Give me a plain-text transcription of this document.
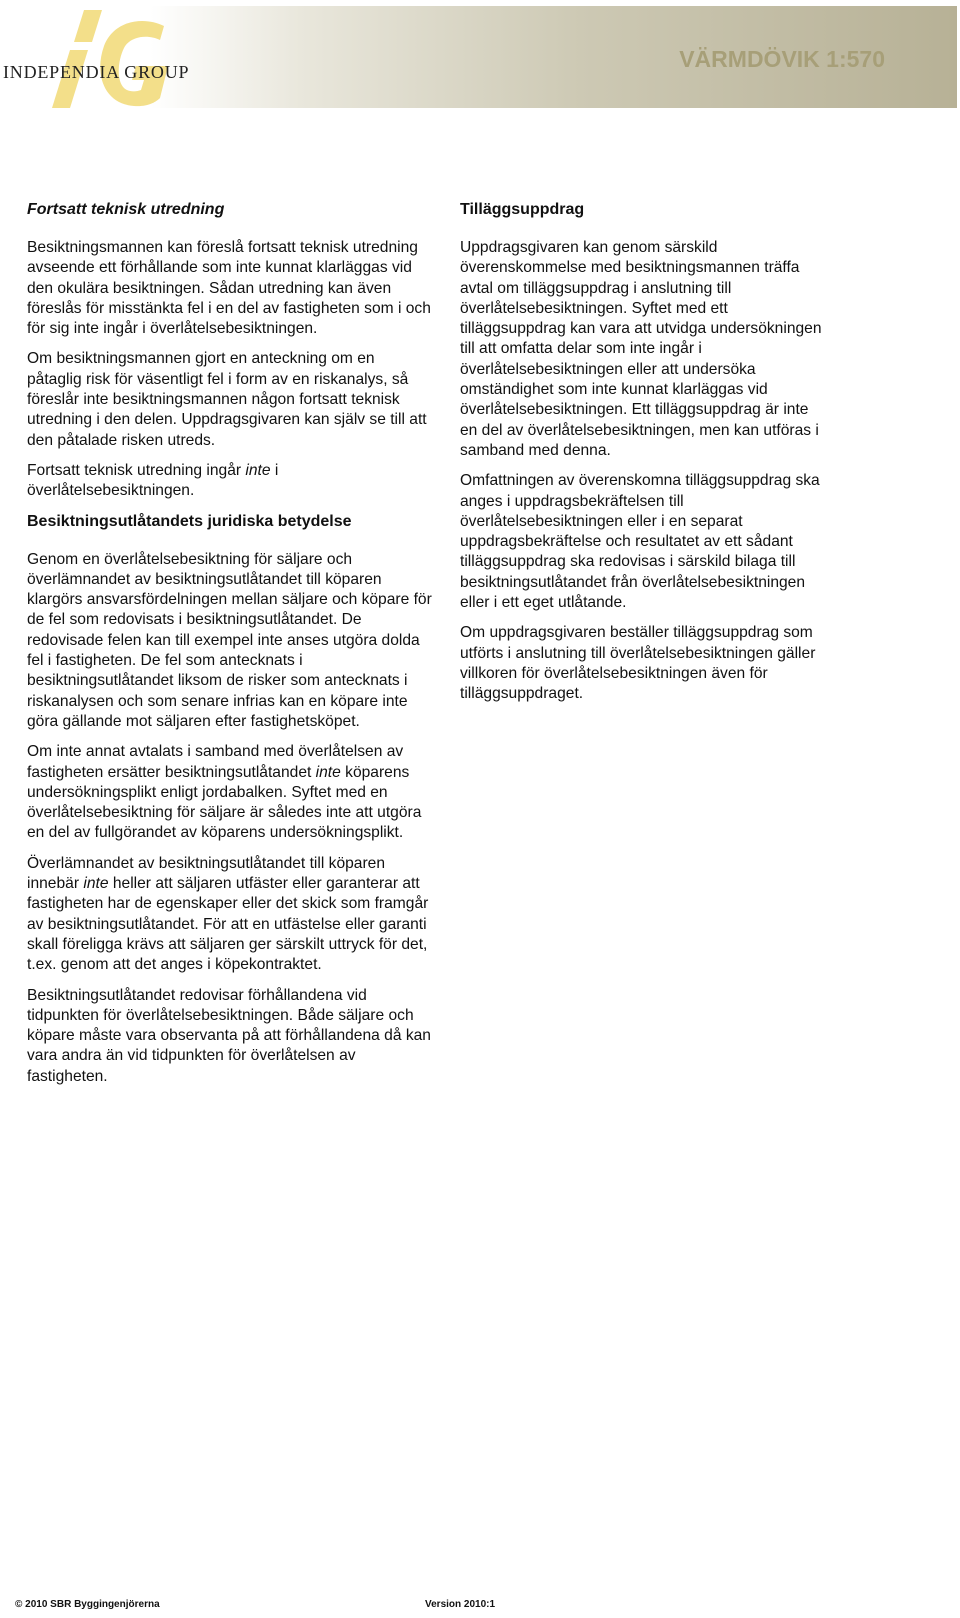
INDEPENDIA GROUP	VÄRMDÖVIK 1:570
Fortsatt teknisk utredning

Besiktningsmannen kan föreslå fortsatt teknisk utredning avseende ett förhållande som inte kunnat klarläggas vid den okulära besiktningen. Sådan utredning kan även föreslås för misstänkta fel i en del av fastigheten som i och för sig inte ingår i överlåtelsebesiktningen.

Om besiktningsmannen gjort en anteckning om en påtaglig risk för väsentligt fel i form av en riskanalys, så föreslår inte besiktningsmannen någon fortsatt teknisk utredning i den delen. Uppdragsgivaren kan själv se till att den påtalade risken utreds.

Fortsatt teknisk utredning ingår inte i överlåtelsebesiktningen.

Besiktningsutlåtandets juridiska betydelse

Genom en överlåtelsebesiktning för säljare och överlämnandet av besiktningsutlåtandet till köparen klargörs ansvarsfördelningen mellan säljare och köpare för de fel som redovisats i besiktningsutlåtandet. De redovisade felen kan till exempel inte anses utgöra dolda fel i fastigheten. De fel som antecknats i besiktningsutlåtandet liksom de risker som antecknats i riskanalysen och som senare infrias kan en köpare inte göra gällande mot säljaren efter fastighetsköpet.

Om inte annat avtalats i samband med överlåtelsen av fastigheten ersätter besiktningsutlåtandet inte köparens undersökningsplikt enligt jordabalken. Syftet med en överlåtelsebesiktning för säljare är således inte att utgöra en del av fullgörandet av köparens undersökningsplikt.

Överlämnandet av besiktningsutlåtandet till köparen innebär inte heller att säljaren utfäster eller garanterar att fastigheten har de egenskaper eller det skick som framgår av besiktningsutlåtandet. För att en utfästelse eller garanti skall föreligga krävs att säljaren ger särskilt uttryck för det, t.ex. genom att det anges i köpekontraktet.

Besiktningsutlåtandet redovisar förhållandena vid tidpunkten för överlåtelsebesiktningen. Både säljare och köpare måste vara observanta på att förhållandena då kan vara andra än vid tidpunkten för överlåtelsen av fastigheten.

Tilläggsuppdrag

Uppdragsgivaren kan genom särskild överenskommelse med besiktningsmannen träffa avtal om tilläggsuppdrag i anslutning till överlåtelsebesiktningen. Syftet med ett tilläggsuppdrag kan vara att utvidga undersökningen till att omfatta delar som inte ingår i överlåtelsebesiktningen eller att undersöka omständighet som inte kunnat klarläggas vid överlåtelsebesiktningen. Ett tilläggsuppdrag är inte en del av överlåtelsebesiktningen, men kan utföras i samband med denna.

Omfattningen av överenskomna tilläggsuppdrag ska anges i uppdragsbekräftelsen till överlåtelsebesiktningen eller i en separat uppdragsbekräftelse och resultatet av ett sådant tilläggsuppdrag ska redovisas i särskild bilaga till besiktningsutlåtandet från överlåtelsebesiktningen eller i ett eget utlåtande.

Om uppdragsgivaren beställer tilläggsuppdrag som utförts i anslutning till överlåtelsebesiktningen gäller villkoren för överlåtelsebesiktningen även för tilläggsuppdraget.

© 2010 SBR Byggingenjörerna	Version 2010:1
